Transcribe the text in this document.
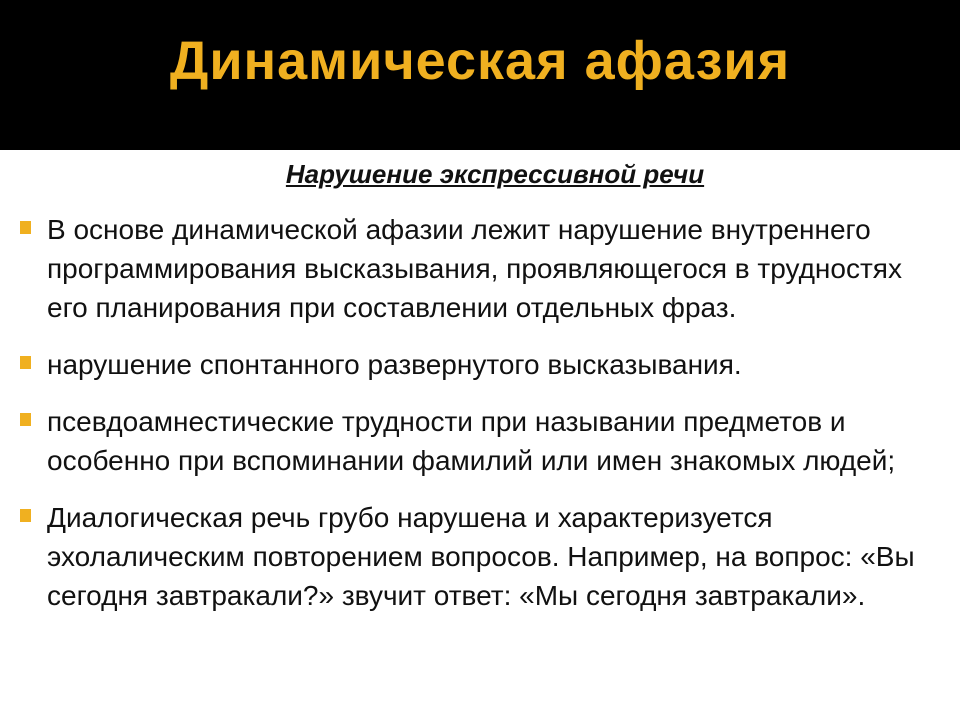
Динамическая афазия
Нарушение экспрессивной речи
В основе динамической афазии лежит нарушение внутреннего программирования высказывания, проявляющегося в трудностях его планирования при составлении отдельных фраз.
нарушение спонтанного развернутого высказывания.
псевдоамнестические трудности при назывании предметов и особенно при вспоминании фамилий или имен знакомых людей;
Диалогическая речь грубо нарушена и характеризуется эхолалическим повторением вопросов. Например, на вопрос: «Вы сегодня завтракали?» звучит ответ: «Мы сегодня завтракали».
